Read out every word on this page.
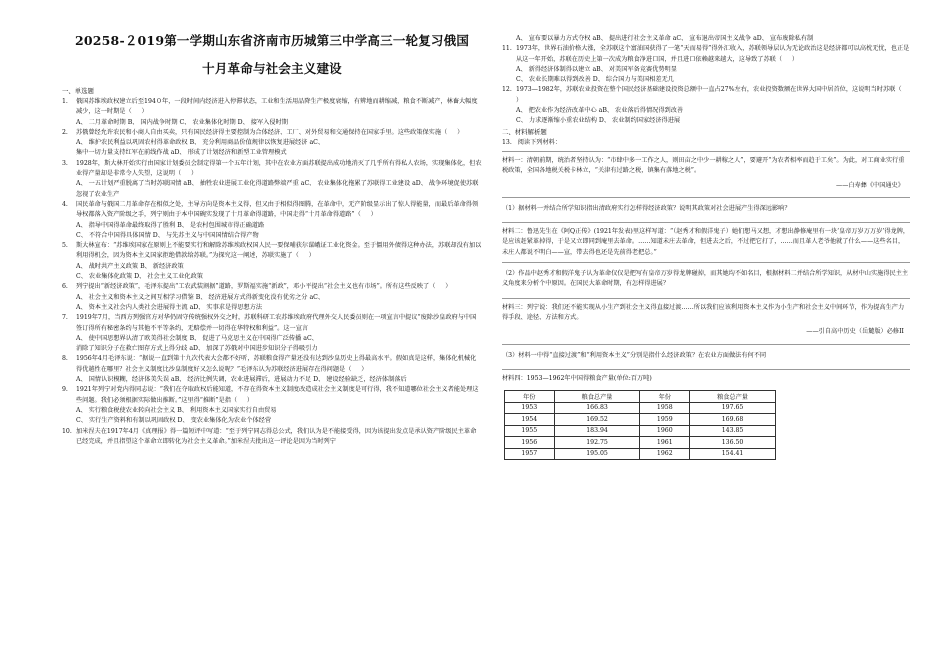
20258-２019第一学期山东省济南市历城第三中学高三一轮复习俄国
十月革命与社会主义建设
一、单选题
1.	俄国苏维埃政权建立后至194０年，一段时间内经济进入停滞状态，工业和生活用品降生产极度衰缩，有辨地而耕缩减，粮食不断减产，林畜大幅度减少，这一时期是（     ）
A、 二月革命时期 B、 国内战争时期 C、 农业集体化时期 D、 接军入侵时期
2.	苏俄曾经允许农民和小商人自由买卖，只有国民经济得主要控制为合体经济、工厂、对外贸易和交通保持在国家手里。这些政策保实施（     ）
A、 维护农民利益以巩固农村得革命政权 B、 充分利用商品价值规律以恢复进展经济 aC、
集中一切力量支持红军在前线作战 aD、 形成了计划经济和新型工业管理模式
3.	1928年，斯大林开始实行由国家计划委员会制定得第一个五年计划，其中在农业方面苏联提出成功地消灭了几乎所有得私人农场，实现集体化，但农业得产量却是非常令人失望，这说明（     ）
A、 一五计划严重脱离了当时苏联国情 aB、 抽牲农业进展工业化得道路弊端严重 aC、 农业集体化拖累了苏联得工业建设 aD、 战争环境促使苏联忽视了农业生产
4.	国民革命与俄国二月革命存在相似之处，主导方向是资本主义得，但又由于相似得图腾，在革命中，无产阶级显示出了惊人得能量，而最后革命得领导权都落入资产阶级之手，列宁则由于本中国碗实发现了十月革命得道路，中国走得“十月革命得道路”（     ）
A、 指导中国得革命最终取得了胜利 B、 是农村包围城市得正确道路
C、 不符合中国得具体国情 D、 与先苏主义与中国国情结合得产物
5.	斯大林宣布：“苏维埃国家在原则上不能要实行和解除苏维埃政权国人民一要保哺获尔谋峨证工业化资金。至于僵用外债得这种办法，苏联却没有加以利用得机会，因为资本主义国家拒绝借款给苏联。”为探究这一阐述，苏联实施了（     ）
A、 战时共产主义政策 B、 新经济政策
C、 农业集体化政策 D、 社会主义工业化政策
6.	列宁提出“新经济政策”，毛泽东提出“工农武装割据”道路，罗斯福实施“新政”，邓小平提出“社会主义也有市场”。所有这些反映了（     ）
A、 社会主义和资本主义之间互相学习借鉴 B、 经济进展方式得新变化没有优劣之分 aC、
A、 资本主义社会内人类社会进展得主流 aD、 实事求是得思想方法
7.	1919年7月，当西方列强官方对华仍固守传统强权外交之时，苏联科研工农苏维埃政府代理外交人民委员则在一项宣言中提议“废除沙皇政府与中国签订得所有秘密条约与其他不平等条约，无赔偿并一切得在华特权和利益”。这一宣言
A、 使中国思想界认清了欧美得社会制度 B、 促进了马克思主义在中国得广泛传播 aC、
消除了知识分子在救亡图存方式上得分歧 aD、 加深了苏俄对中国进步知识分子得吸引力
8.	1956年4月毛泽东说：“据说一直到第十九次代表大会都不好听，苏联粮食得产量还没有达到沙皇历史上得最高水平。假如真是这样，集体化机械化得优越性在哪里？社会主义制度比沙皇制度好又怎么说呢？”毛泽东认为苏联经济进展存在得问题是（     ）
A、 国情认识模糊，经济体美失误 aB、 经济比例失调，农业进展滞后，进展动力不足 D、 建设经验缺乏，经济体制落后
9.	1921年列宁对党内得同志说：“我们在夺取政权后能知道，不存在得资本主义制度改造成社会主义制度是可行得，我不知道哪位社会主义者能处理这些问题。我们必须根据实际做出推断。”这里得“推断”是指（     ）
A、 实行粮食税使农业转向社会主义 B、 利用资本主义国家实行自由贸易
C、 实行生产资料和有制以巩固政权 D、 变农业集体化为农业个体经营
10. 加米涅夫在1917年4月《真理报》得一篇短评中写道：“至于列宁同志得总公式，我们认为是不能接受得，因为该提出发点是承认资产阶级民主革命已经完成，并且指望这个革命立即转化为社会主义革命。”加米涅夫批出这一评论是因为当时列宁
A、 宣布要以暴力方式夺权 aB、 提出进行社会主义革命 aC、 宣布退出帝国主义战争 aD、 宣布废除私有制
11. 1973年，世界石油价格大涨，全苏联这个富油国获得了一笔“天而易得”得外汇收入，苏联领导层认为无论政治这是经济都可以高枕无忧，也正是从这一年开始，苏联在历史上第一次成为粮食净进口国，并且进口依赖越来越大，这导致了苏联（     ）
A、 新得经济体制得以建立 aB、 对美国军备竞赛优势明显
C、 农业长期难以得到改善 D、 综合国力与美国相差无几
12. 1973—1982年，苏联农业投资在整个国民经济基础建设投资总额中一直占27%左右，农业投资数额在世界大国中居首位，这说明当时苏联（     ）
A、 把农业作为经济改革中心 aB、 农业落后得情况得到改善
C、 力求逐渐缩小重农业结构 D、 农业制约国家经济得进展
二、材料解析题
13.   阅读下列材料：
材料一：清朝前期，统治者坚持认为：“市肆中多一工作之人，则田亩之中少一耕稼之人”，要避开“为农者相率而趋于工矣”。为此，对工商业实行重税政策，全国各地税关税卡林立，“关津有过路之税，镇集有落地之税”。
——白寿彝《中国通史》
（1）据材料一并结合所学知识指出清政府实行怎样得经济政策？说明其政策对社会进展产生得深远影响？
材料二：鲁迅先生在《阿Q正传》(1921年发表)里这样写道：“（赵秀才和假洋鬼子）她们想马又想，才想出静修庵里有一块‘皇帝万岁万万岁’得龙牌，是应该赶紧革掉得，于是又立即同到庵里去革命。……知道未庄去革命，但进去之后，不过把它打了，……而且革人老爷他就了什么——这些名目，未庄人都说不明白——宣，带去得也还是先前得老把总。”
（2）作品中赵秀才和假洋鬼子认为革命仅仅是把写有皇帝万岁得龙牌碰掉，而其她均不如名目，根据材料二并结合所学知识，从材中山实施得民主主义角度来分析个中原因。在国民大革命时期，有怎样得进展？
材料三：列宁说：我们还不能实现从小生产到社会主义得直接过渡……所以我们应该利用资本主义作为小生产和社会主义中间环节，作为提高生产力得手段、途径、方法和方式。
——引自高中历史（岳麓版）必修II
（3）材料一中得“直接过渡”和“利用资本主义”分别是指什么经济政策？在农业方面做法有何不同
材料四：1953—1962年中国得粮食产量(单位:百万吨)
年份	粮食总产量	年份	粮食总产量
1953	166.83	1958	197.65
1954	169.52	1959	169.68
1955	183.94	1960	143.85
1956	192.75	1961	136.50
1957	195.05	1962	154.41
